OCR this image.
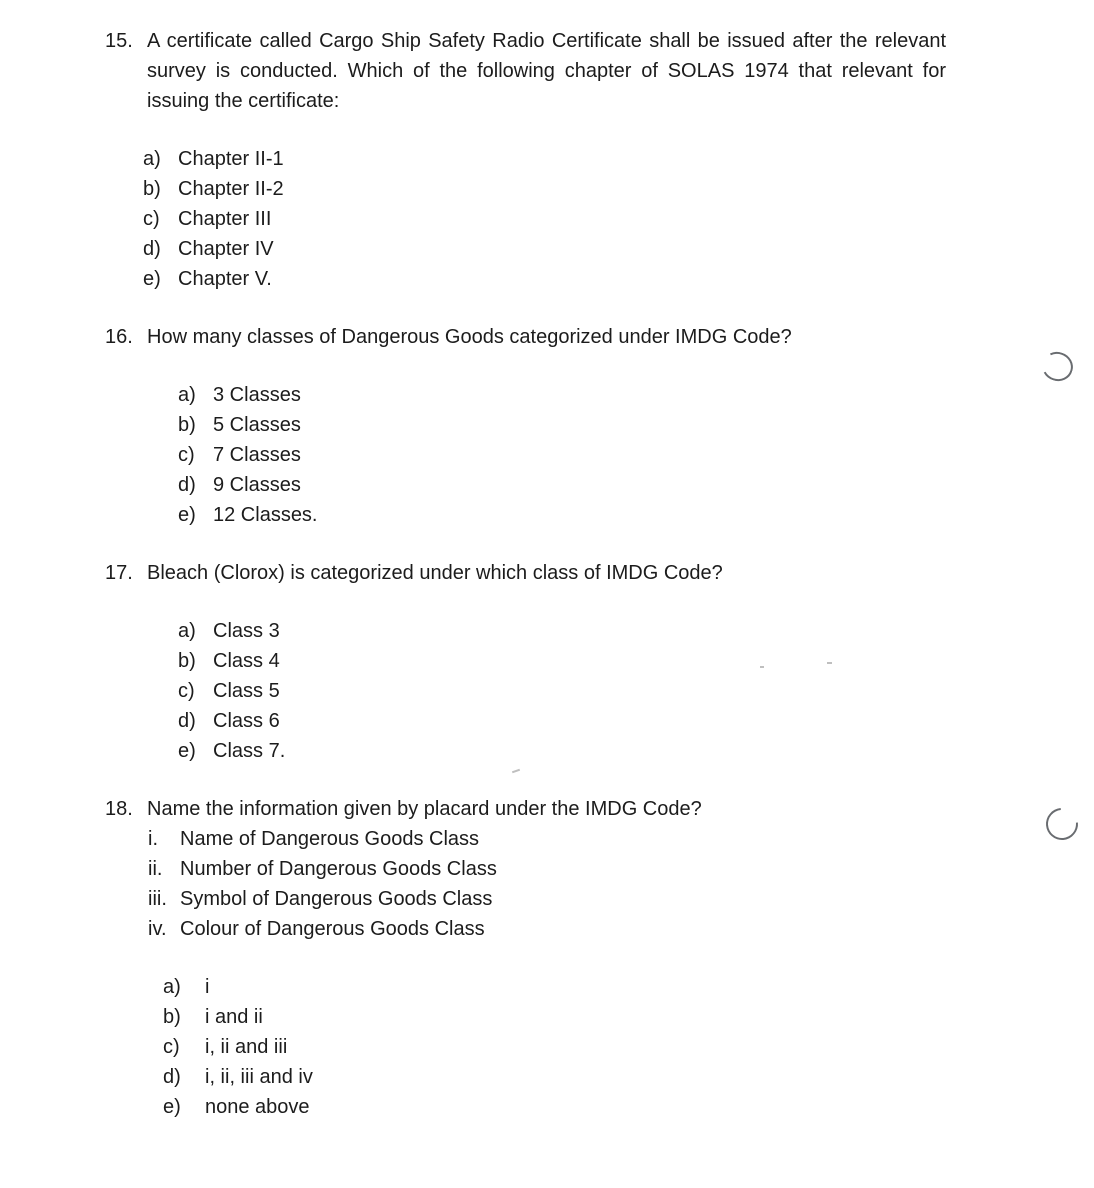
15. A certificate called Cargo Ship Safety Radio Certificate shall be issued after the relevant survey is conducted. Which of the following chapter of SOLAS 1974 that relevant for issuing the certificate:
a) Chapter II-1
b) Chapter II-2
c) Chapter III
d) Chapter IV
e) Chapter V.
16. How many classes of Dangerous Goods categorized under IMDG Code?
a) 3 Classes
b) 5 Classes
c) 7 Classes
d) 9 Classes
e) 12 Classes.
17. Bleach (Clorox) is categorized under which class of IMDG Code?
a) Class 3
b) Class 4
c) Class 5
d) Class 6
e) Class 7.
18. Name the information given by placard under the IMDG Code?
i.	Name of Dangerous Goods Class
ii. Number of Dangerous Goods Class
iii. Symbol of Dangerous Goods Class
iv. Colour of Dangerous Goods Class
a)	i
b)	i and ii
c)	i, ii and iii
d)	i, ii, iii and iv
e)	none above
